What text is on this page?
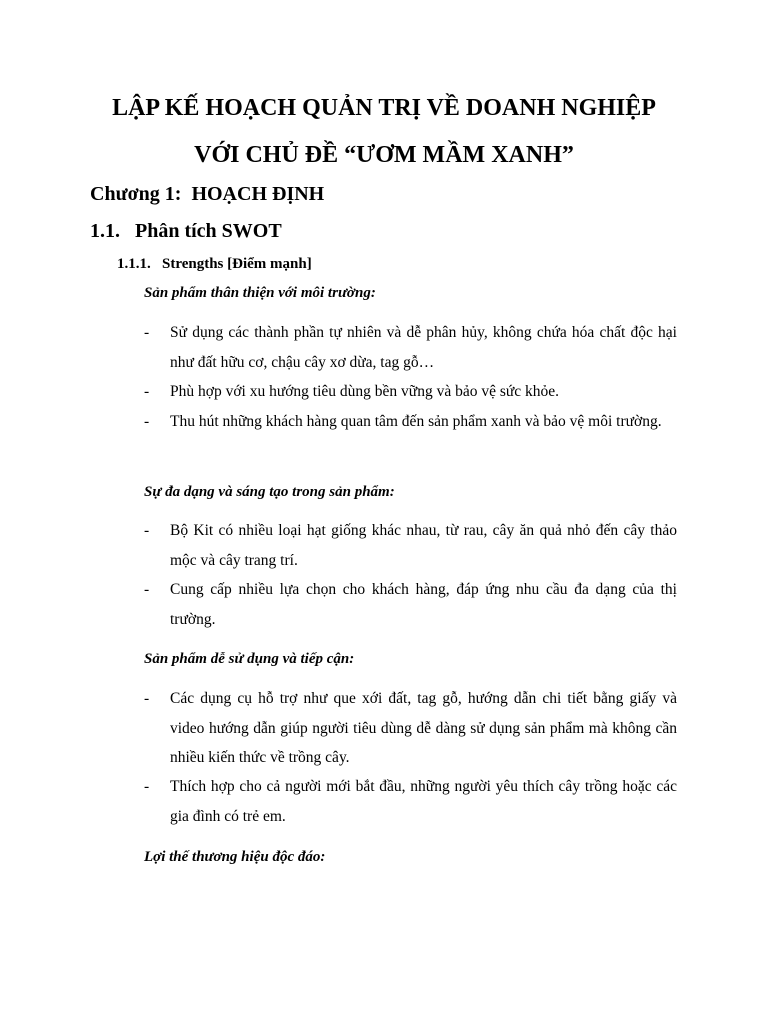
LẬP KẾ HOẠCH QUẢN TRỊ VỀ DOANH NGHIỆP
VỚI CHỦ ĐỀ “ƯƠM MẦM XANH”
Chương 1: HOẠCH ĐỊNH
1.1. Phân tích SWOT
1.1.1. Strengths [Điểm mạnh]
Sản phẩm thân thiện với môi trường:
-	Sử dụng các thành phần tự nhiên và dễ phân hủy, không chứa hóa chất độc hại như đất hữu cơ, chậu cây xơ dừa, tag gỗ…
-	Phù hợp với xu hướng tiêu dùng bền vững và bảo vệ sức khỏe.
-	Thu hút những khách hàng quan tâm đến sản phẩm xanh và bảo vệ môi trường.
Sự đa dạng và sáng tạo trong sản phẩm:
-	Bộ Kit có nhiều loại hạt giống khác nhau, từ rau, cây ăn quả nhỏ đến cây thảo mộc và cây trang trí.
-	Cung cấp nhiều lựa chọn cho khách hàng, đáp ứng nhu cầu đa dạng của thị trường.
Sản phẩm dễ sử dụng và tiếp cận:
-	Các dụng cụ hỗ trợ như que xới đất, tag gỗ, hướng dẫn chi tiết bằng giấy và video hướng dẫn giúp người tiêu dùng dễ dàng sử dụng sản phẩm mà không cần nhiều kiến thức về trồng cây.
-	Thích hợp cho cả người mới bắt đầu, những người yêu thích cây trồng hoặc các gia đình có trẻ em.
Lợi thế thương hiệu độc đáo:
